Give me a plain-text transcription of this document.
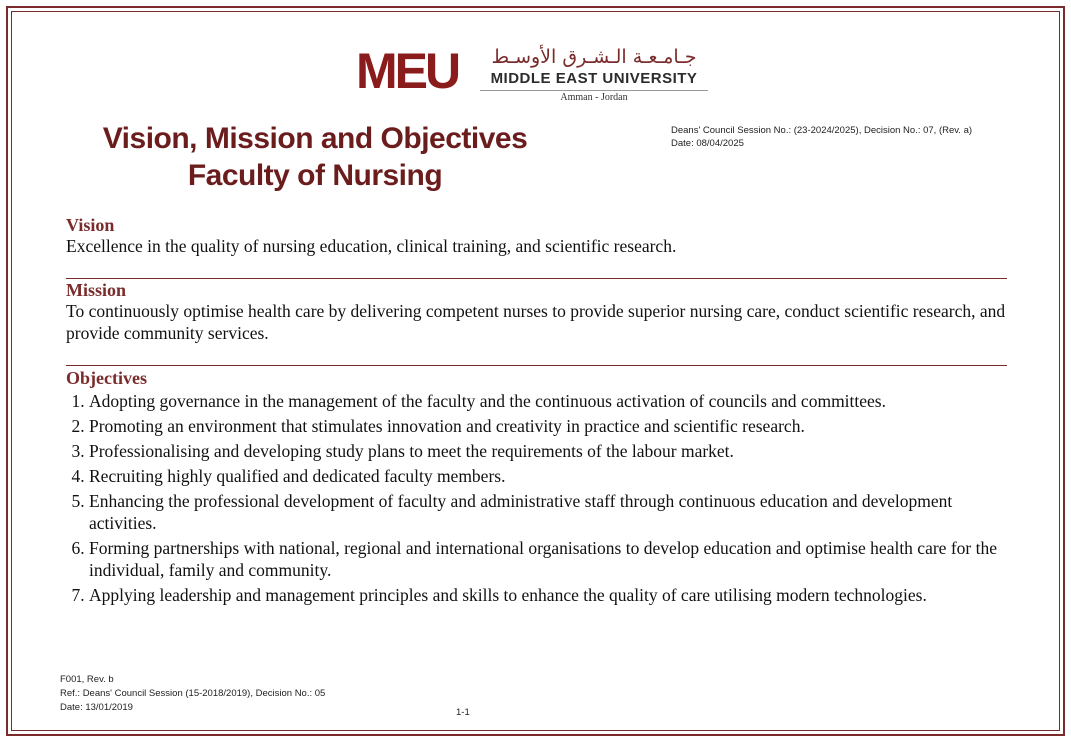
MEU	جـامـعـة الـشـرق الأوسـط
MIDDLE EAST UNIVERSITY
Amman - Jordan
Vision, Mission and Objectives
Faculty of Nursing
Deans' Council Session No.: (23-2024/2025), Decision No.: 07, (Rev. a)
Date: 08/04/2025
Vision
Excellence in the quality of nursing education, clinical training, and scientific research.
Mission
To continuously optimise health care by delivering competent nurses to provide superior nursing care, conduct scientific research, and provide community services.
Objectives
1. Adopting governance in the management of the faculty and the continuous activation of councils and committees.
2. Promoting an environment that stimulates innovation and creativity in practice and scientific research.
3. Professionalising and developing study plans to meet the requirements of the labour market.
4. Recruiting highly qualified and dedicated faculty members.
5. Enhancing the professional development of faculty and administrative staff through continuous education and development activities.
6. Forming partnerships with national, regional and international organisations to develop education and optimise health care for the individual, family and community.
7. Applying leadership and management principles and skills to enhance the quality of care utilising modern technologies.
F001, Rev. b
Ref.: Deans' Council Session (15-2018/2019), Decision No.: 05
Date: 13/01/2019	1-1
